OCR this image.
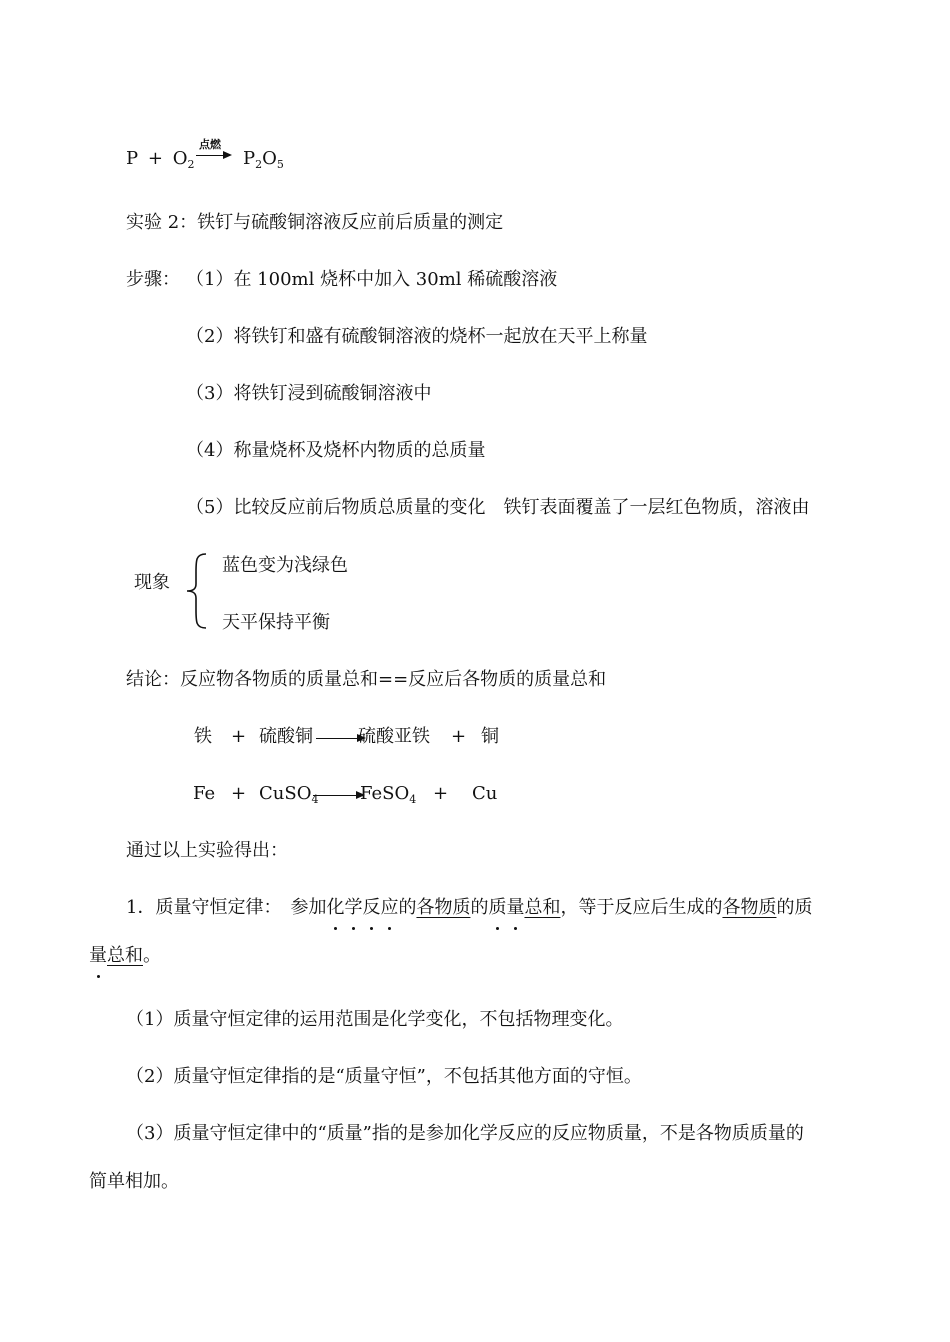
$P + O_2$
点燃
→ $P_2O_5$
实验 2：铁钉与硫酸铜溶液反应前后质量的测定
步骤： （1）在 100ml 烧杯中加入 30ml 稀硫酸溶液
（2）将铁钉和盛有硫酸铜溶液的烧杯一起放在天平上称量
（3）将铁钉浸到硫酸铜溶液中
（4）称量烧杯及烧杯内物质的总质量
（5）比较反应前后物质总质量的变化　铁钉表面覆盖了一层红色物质，溶液由
现象
蓝色变为浅绿色
天平保持平衡
结论：反应物各物质的质量总和==反应后各物质的质量总和
铁 + 硫酸铜	硫酸亚铁 + 铜
Fe + CuSO$_4$ FeSO$_4$ + Cu
通过以上实验得出：
1．质量守恒定律：　参加化学反应的各物质的质量总和，等于反应后生成的各物质的质
量总和。
（1）质量守恒定律的运用范围是化学变化，不包括物理变化。
（2）质量守恒定律指的是“质量守恒”，不包括其他方面的守恒。
（3）质量守恒定律中的“质量”指的是参加化学反应的反应物质量，不是各物质质量的
简单相加。
